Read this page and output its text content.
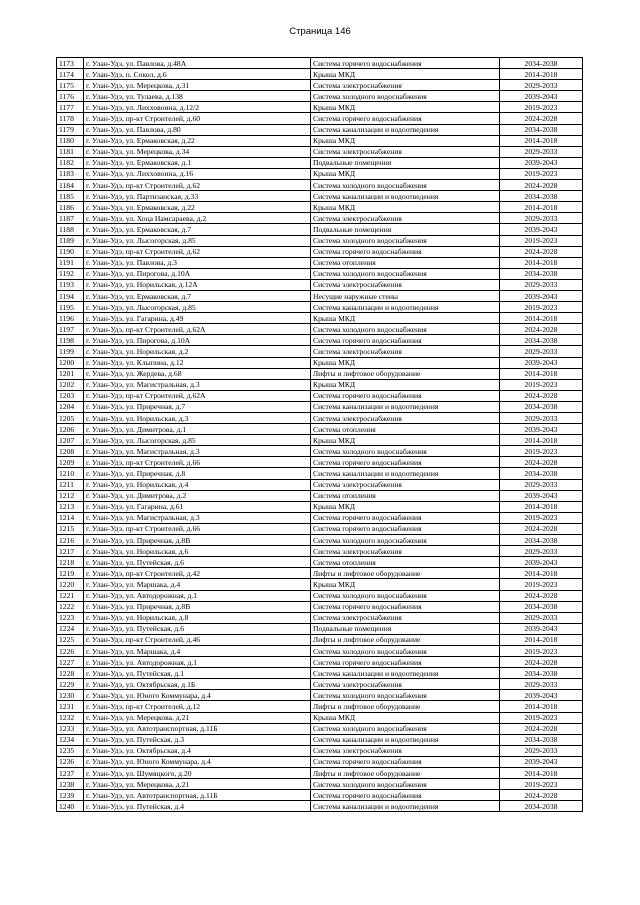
Страница 146
1173	г. Улан-Удэ, ул. Павлова, д.48А	Система горячего водоснабжения	2034-2038
1174	г. Улан-Удэ, п. Сокол, д.6	Крыша МКД	2014-2018
1175	г. Улан-Удэ, ул. Мерецкова, д.31	Система электроснабжения	2029-2033
1176	г. Улан-Удэ, ул. Тулаева, д.138	Система холодного водоснабжения	2039-2043
1177	г. Улан-Удэ, ул. Лиxховоина, д.12/2	Крыша МКД	2019-2023
1178	г. Улан-Удэ, пр-кт Строителей, д.60	Система горячего водоснабжения	2024-2028
1179	г. Улан-Удэ, ул. Павлова, д.80	Система канализации и водоотведения	2034-2038
1180	г. Улан-Удэ, ул. Ермаковская, д.22	Крыша МКД	2014-2018
1181	г. Улан-Удэ, ул. Мерецкова, д.34	Система электроснабжения	2029-2033
1182	г. Улан-Удэ, ул. Ермаковская, д.1	Подвальные помещения	2039-2043
1183	г. Улан-Удэ, ул. Лиxховоина, д.16	Крыша МКД	2019-2023
1184	г. Улан-Удэ, пр-кт Строителей, д.62	Система холодного водоснабжения	2024-2028
1185	г. Улан-Удэ, ул. Партизанская, д.33	Система канализации и водоотведения	2034-2038
1186	г. Улан-Удэ, ул. Ермаковская, д.22	Крыша МКД	2014-2018
1187	г. Улан-Удэ, ул. Хоца Намсараева, д.2	Система электроснабжения	2029-2033
1188	г. Улан-Удэ, ул. Ермаковская, д.7	Подвальные помещения	2039-2043
1189	г. Улан-Удэ, ул. Лысогорская, д.85	Система холодного водоснабжения	2019-2023
1190	г. Улан-Удэ, пр-кт Строителей, д.62	Система горячего водоснабжения	2024-2028
1191	г. Улан-Удэ, ул. Павлова, д.3	Система отопления	2014-2018
1192	г. Улан-Удэ, ул. Пирогова, д.10А	Система холодного водоснабжения	2034-2038
1193	г. Улан-Удэ, ул. Норильская, д.12А	Система электроснабжения	2029-2033
1194	г. Улан-Удэ, ул. Ермаковская, д.7	Несущие наружные стены	2039-2043
1195	г. Улан-Удэ, ул. Лысогорская, д.85	Система канализации и водоотведения	2019-2023
1196	г. Улан-Удэ, ул. Гагарина, д.49	Крыша МКД	2014-2018
1197	г. Улан-Удэ, пр-кт Строителей, д.62А	Система холодного водоснабжения	2024-2028
1198	г. Улан-Удэ, ул. Пирогова, д.10А	Система горячего водоснабжения	2034-2038
1199	г. Улан-Удэ, ул. Норильская, д.2	Система электроснабжения	2029-2033
1200	г. Улан-Удэ, ул. Клыпина, д.12	Крыша МКД	2039-2043
1201	г. Улан-Удэ, ул. Жердева, д.68	Лифты и лифтовое оборудование	2014-2018
1202	г. Улан-Удэ, ул. Магистральная, д.3	Крыша МКД	2019-2023
1203	г. Улан-Удэ, пр-кт Строителей, д.62А	Система горячего водоснабжения	2024-2028
1204	г. Улан-Удэ, ул. Приречная, д.7	Система канализации и водоотведения	2034-2038
1205	г. Улан-Удэ, ул. Норильская, д.3	Система электроснабжения	2029-2033
1206	г. Улан-Удэ, ул. Димитрова, д.1	Система отопления	2039-2043
1207	г. Улан-Удэ, ул. Лысогорская, д.85	Крыша МКД	2014-2018
1208	г. Улан-Удэ, ул. Магистральная, д.3	Система холодного водоснабжения	2019-2023
1209	г. Улан-Удэ, пр-кт Строителей, д.66	Система горячего водоснабжения	2024-2028
1210	г. Улан-Удэ, ул. Приречная, д.8	Система канализации и водоотведения	2034-2038
1211	г. Улан-Удэ, ул. Норильская, д.4	Система электроснабжения	2029-2033
1212	г. Улан-Удэ, ул. Димитрова, д.2	Система отопления	2039-2043
1213	г. Улан-Удэ, ул. Гагарина, д.61	Крыша МКД	2014-2018
1214	г. Улан-Удэ, ул. Магистральная, д.3	Система горячего водоснабжения	2019-2023
1215	г. Улан-Удэ, пр-кт Строителей, д.66	Система горячего водоснабжения	2024-2028
1216	г. Улан-Удэ, ул. Приречная, д.8В	Система холодного водоснабжения	2034-2038
1217	г. Улан-Удэ, ул. Норильская, д.6	Система электроснабжения	2029-2033
1218	г. Улан-Удэ, ул. Путейская, д.6	Система отопления	2039-2043
1219	г. Улан-Удэ, пр-кт Строителей, д.42	Лифты и лифтовое оборудование	2014-2018
1220	г. Улан-Удэ, ул. Маршака, д.4	Крыша МКД	2019-2023
1221	г. Улан-Удэ, ул. Автодорожная, д.1	Система холодного водоснабжения	2024-2028
1222	г. Улан-Удэ, ул. Приречная, д.8В	Система горячего водоснабжения	2034-2038
1223	г. Улан-Удэ, ул. Норильская, д.8	Система электроснабжения	2029-2033
1224	г. Улан-Удэ, ул. Путейская, д.6	Подвальные помещения	2039-2043
1225	г. Улан-Удэ, пр-кт Строителей, д.46	Лифты и лифтовое оборудование	2014-2018
1226	г. Улан-Удэ, ул. Маршака, д.4	Система холодного водоснабжения	2019-2023
1227	г. Улан-Удэ, ул. Автодорожная, д.1	Система горячего водоснабжения	2024-2028
1228	г. Улан-Удэ, ул. Путейская, д.1	Система канализации и водоотведения	2034-2038
1229	г. Улан-Удэ, ул. Октябрьская, д.1Б	Система электроснабжения	2029-2033
1230	г. Улан-Удэ, ул. Юного Коммунара, д.4	Система холодного водоснабжения	2039-2043
1231	г. Улан-Удэ, пр-кт Строителей, д.12	Лифты и лифтовое оборудование	2014-2018
1232	г. Улан-Удэ, ул. Мерецкова, д.21	Крыша МКД	2019-2023
1233	г. Улан-Удэ, ул. Автотранспортная, д.11Б	Система холодного водоснабжения	2024-2028
1234	г. Улан-Удэ, ул. Путейская, д.3	Система канализации и водоотведения	2034-2038
1235	г. Улан-Удэ, ул. Октябрьская, д.4	Система электроснабжения	2029-2033
1236	г. Улан-Удэ, ул. Юного Коммунара, д.4	Система горячего водоснабжения	2039-2043
1237	г. Улан-Удэ, ул. Шумяцкого, д.20	Лифты и лифтовое оборудование	2014-2018
1238	г. Улан-Удэ, ул. Мерецкова, д.21	Система холодного водоснабжения	2019-2023
1239	г. Улан-Удэ, ул. Автотранспортная, д.11Б	Система горячего водоснабжения	2024-2028
1240	г. Улан-Удэ, ул. Путейская, д.4	Система канализации и водоотведения	2034-2038
